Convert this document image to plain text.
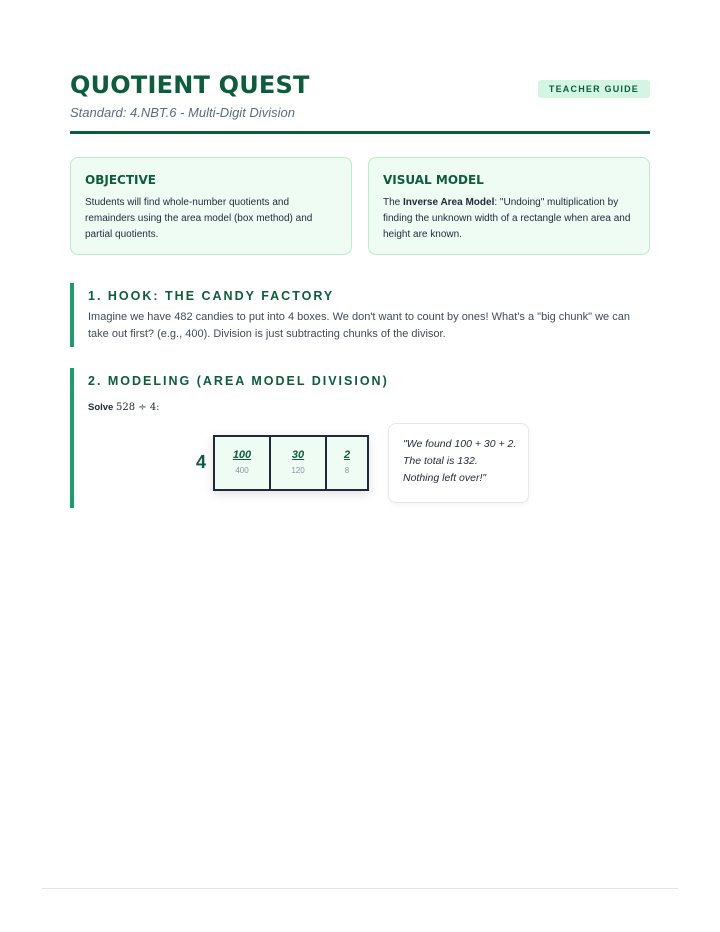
QUOTIENT QUEST	TEACHER GUIDE
Standard: 4.NBT.6 - Multi-Digit Division
OBJECTIVE

Students will find whole-number quotients and remainders using the area model (box method) and partial quotients.

VISUAL MODEL

The Inverse Area Model: "Undoing" multiplication by finding the unknown width of a rectangle when area and height are known.

1. HOOK: THE CANDY FACTORY

Imagine we have 482 candies to put into 4 boxes. We don't want to count by ones! What's a "big chunk" we can take out first? (e.g., 400). Division is just subtracting chunks of the divisor.

2. MODELING (AREA MODEL DIVISION)
Solve 528 ÷ 4:
4	100
400
30
120
2
8
"We found 100 + 30 + 2.
The total is 132.
Nothing left over!"
